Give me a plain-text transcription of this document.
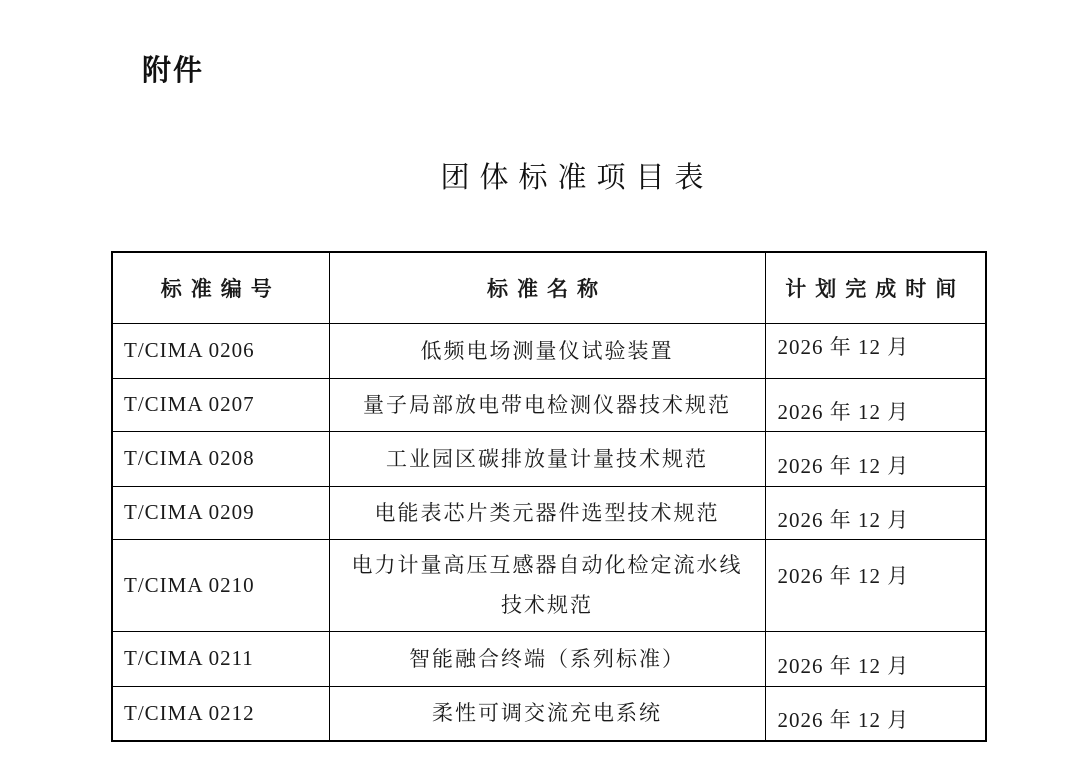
附件
团体标准项目表
标准编号	标准名称	计划完成时间
T/CIMA 0206	低频电场测量仪试验装置	2026 年 12 月
T/CIMA 0207	量子局部放电带电检测仪器技术规范	2026 年 12 月
T/CIMA 0208	工业园区碳排放量计量技术规范	2026 年 12 月
T/CIMA 0209	电能表芯片类元器件选型技术规范	2026 年 12 月
T/CIMA 0210	电力计量高压互感器自动化检定流水线技术规范	2026 年 12 月
T/CIMA 0211	智能融合终端（系列标准）	2026 年 12 月
T/CIMA 0212	柔性可调交流充电系统	2026 年 12 月
